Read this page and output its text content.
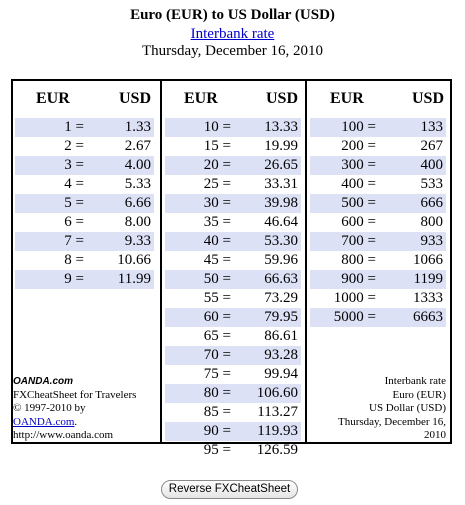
Euro (EUR) to US Dollar (USD)
Interbank rate
Thursday, December 16, 2010
EUR	USD
1 =	1.33
2 =	2.67
3 =	4.00
4 =	5.33
5 =	6.66
6 =	8.00
7 =	9.33
8 = 10.66
9 = 11.99
OANDA.com
FXCheatSheet for Travelers
© 1997-2010 by
OANDA.com.
http://www.oanda.com
EUR	USD
10 = 13.33
15 = 19.99
20 = 26.65
25 = 33.31
30 = 39.98
35 = 46.64
40 = 53.30
45 = 59.96
50 = 66.63
55 = 73.29
60 = 79.95
65 = 86.61
70 = 93.28
75 = 99.94
80 = 106.60
85 = 113.27
90 = 119.93
95 = 126.59
EUR	USD
100 =	133
200 =	267
300 =	400
400 =	533
500 =	666
600 =	800
700 =	933
800 = 1066
900 =	1199
1000 = 1333
5000 = 6663
Interbank rate
Euro (EUR)
US Dollar (USD)
Thursday, December 16,
2010
Reverse FXCheatSheet
